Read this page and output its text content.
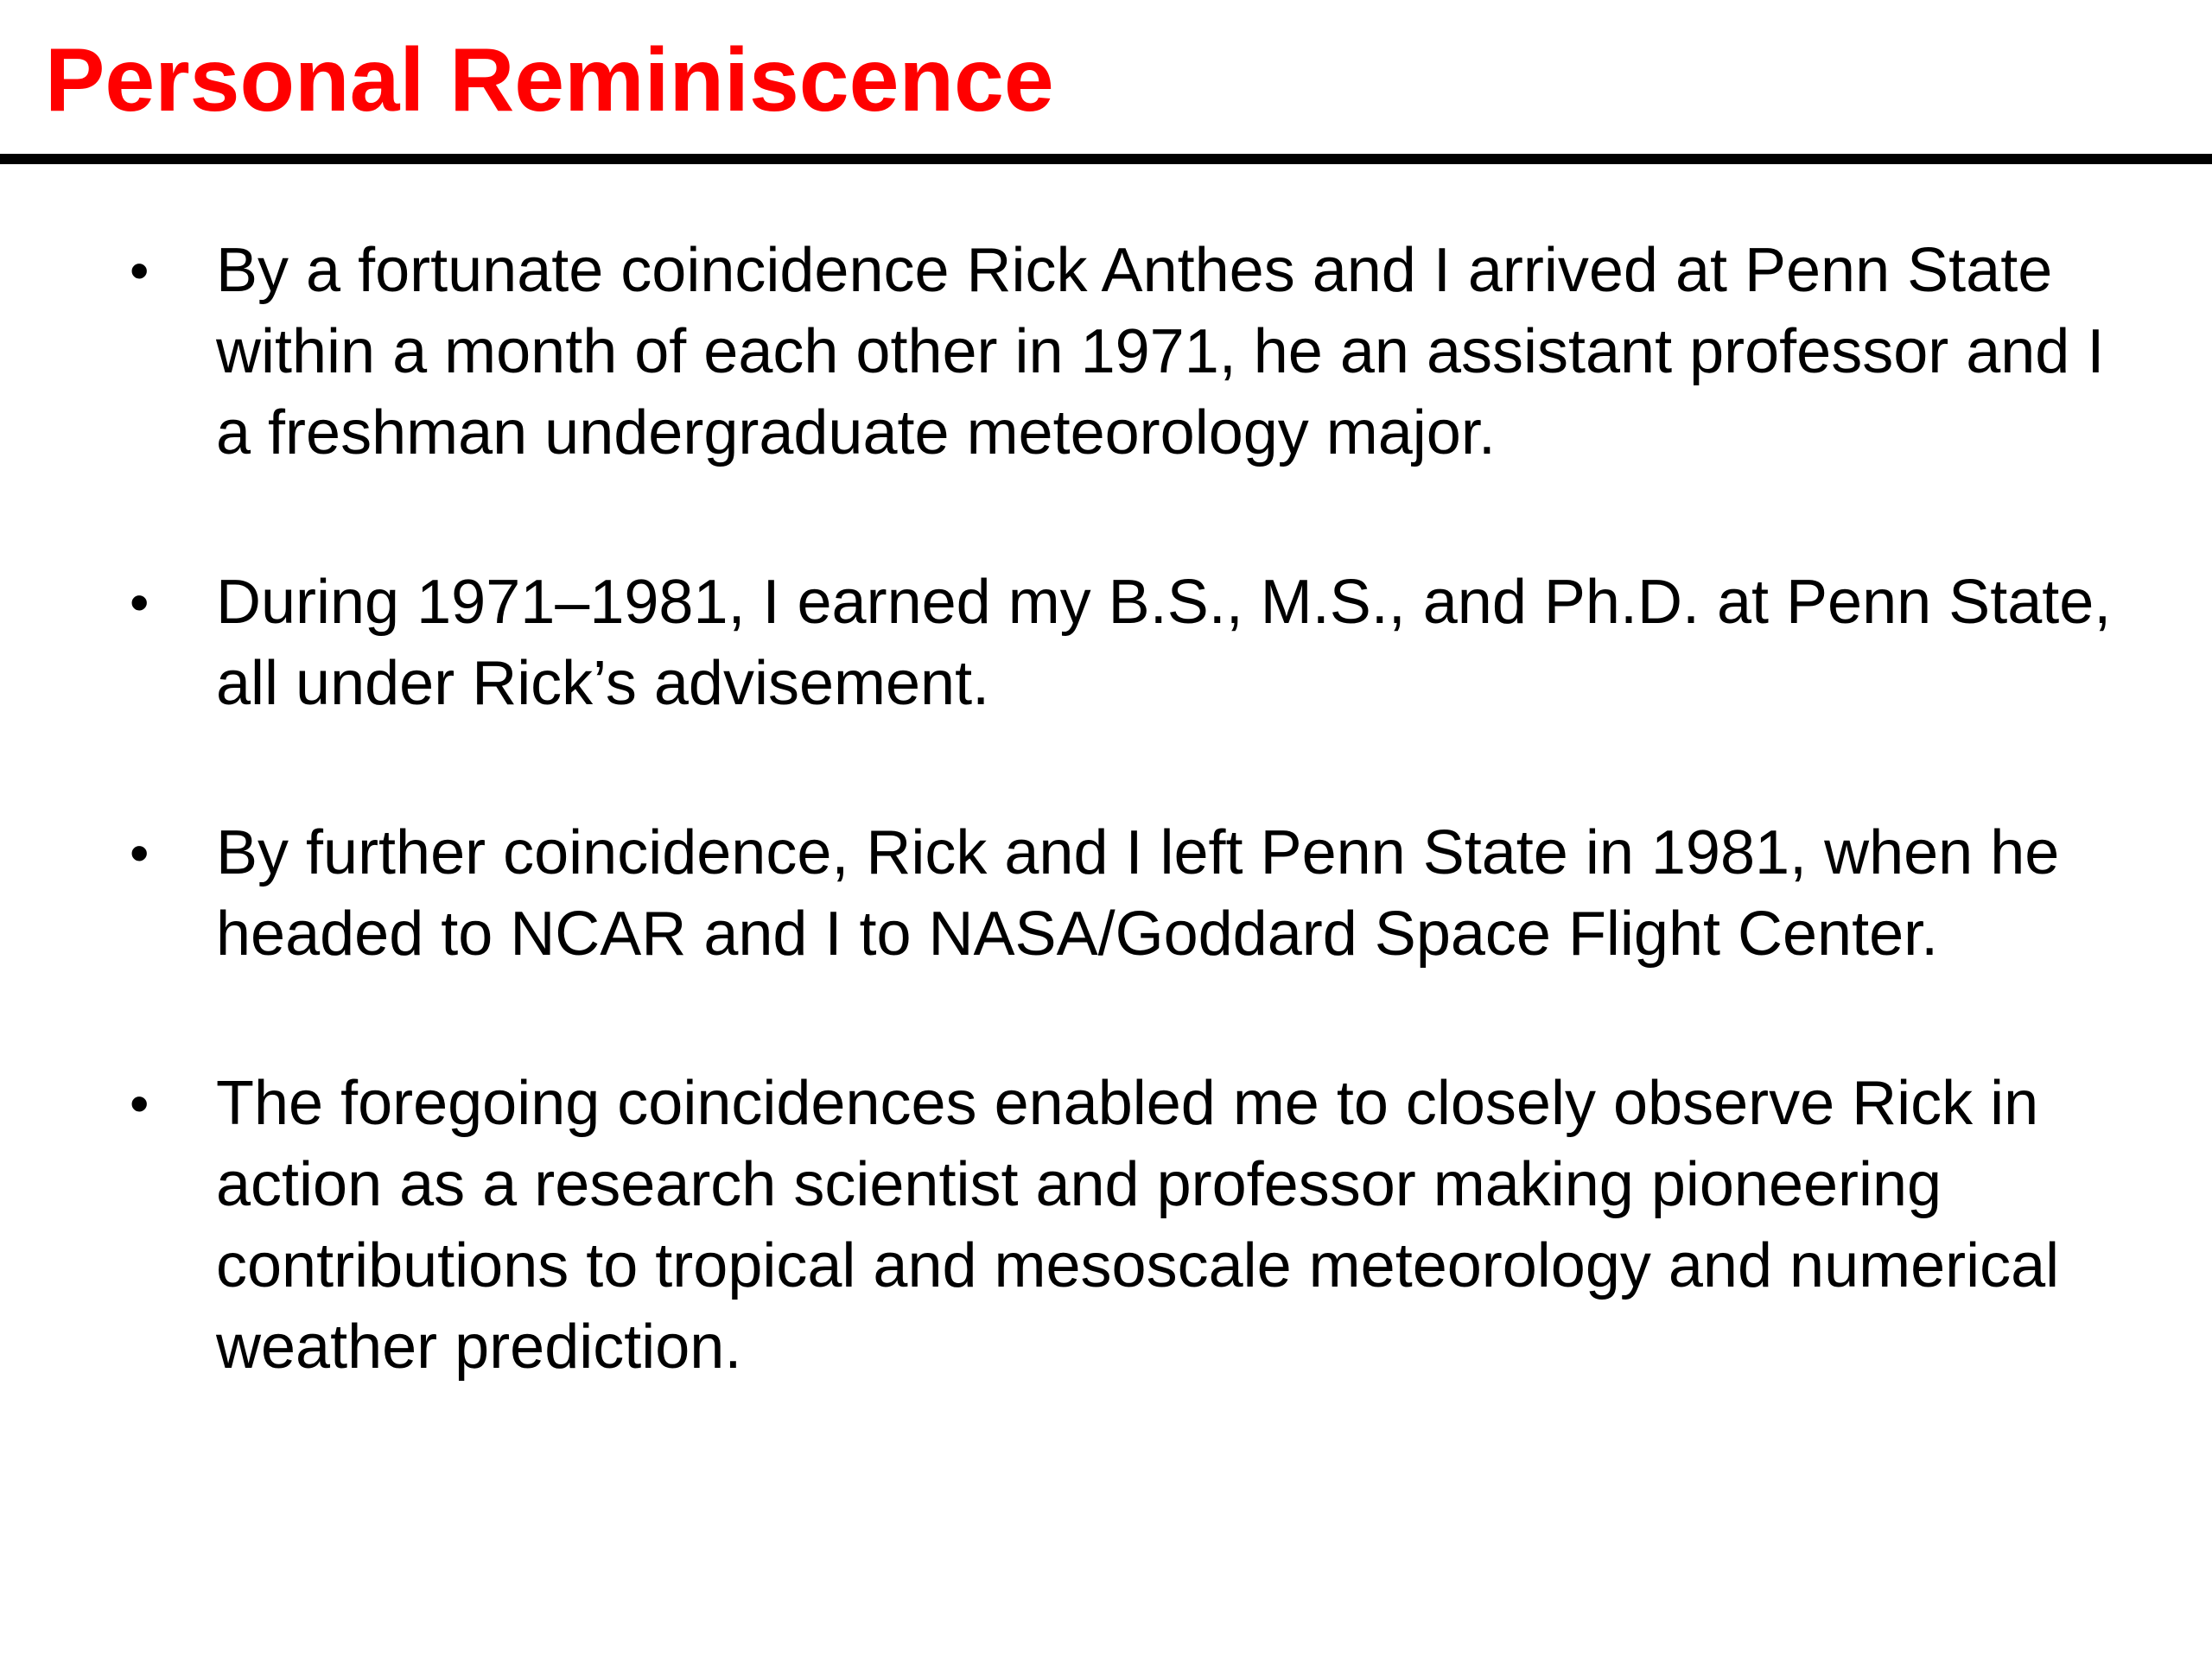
Personal Reminiscence
• By a fortunate coincidence Rick Anthes and I arrived at Penn State within a month of each other in 1971, he an assistant professor and I a freshman undergraduate meteorology major.
• During 1971–1981, I earned my B.S., M.S., and Ph.D. at Penn State, all under Rick’s advisement.
• By further coincidence, Rick and I left Penn State in 1981, when he headed to NCAR and I to NASA/Goddard Space Flight Center.
• The foregoing coincidences enabled me to closely observe Rick in action as a research scientist and professor making pioneering contributions to tropical and mesoscale meteorology and numerical weather prediction.
